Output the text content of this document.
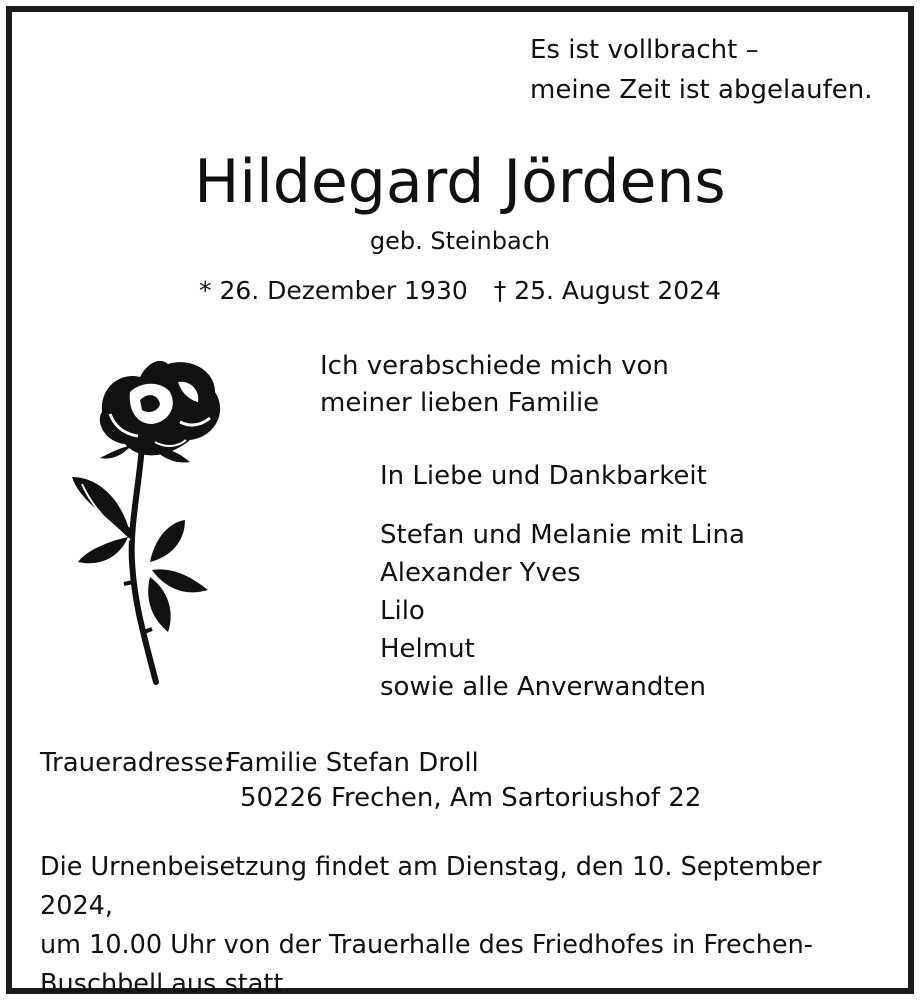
Es ist vollbracht –
meine Zeit ist abgelaufen.
Hildegard Jördens
geb. Steinbach
* 26. Dezember 1930 † 25. August 2024
Ich verabschiede mich von
meiner lieben Familie
In Liebe und Dankbarkeit
Stefan und Melanie mit Lina
Alexander Yves
Lilo
Helmut
sowie alle Anverwandten
Traueradresse:
Familie Stefan Droll
50226 Frechen, Am Sartoriushof 22
Die Urnenbeisetzung findet am Dienstag, den 10. September 2024,
um 10.00 Uhr von der Trauerhalle des Friedhofes in Frechen-
Buschbell aus statt.
